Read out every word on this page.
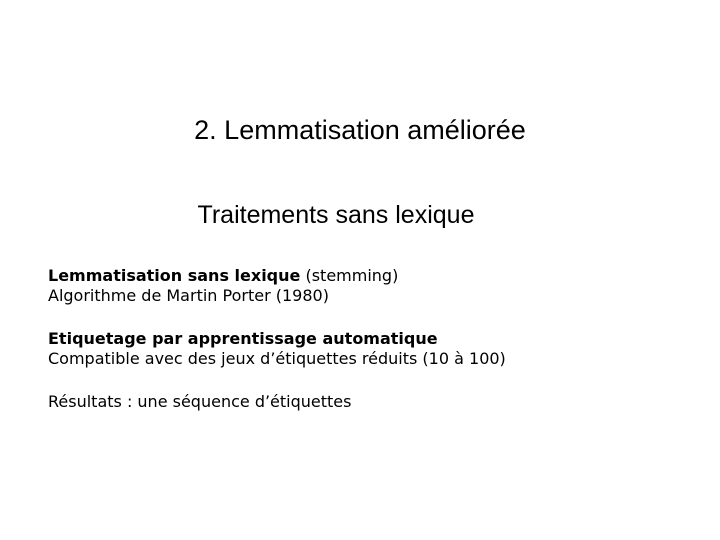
2. Lemmatisation améliorée
Traitements sans lexique
Lemmatisation sans lexique (stemming)
Algorithme de Martin Porter (1980)
Etiquetage par apprentissage automatique
Compatible avec des jeux d’étiquettes réduits (10 à 100)
Résultats : une séquence d’étiquettes
